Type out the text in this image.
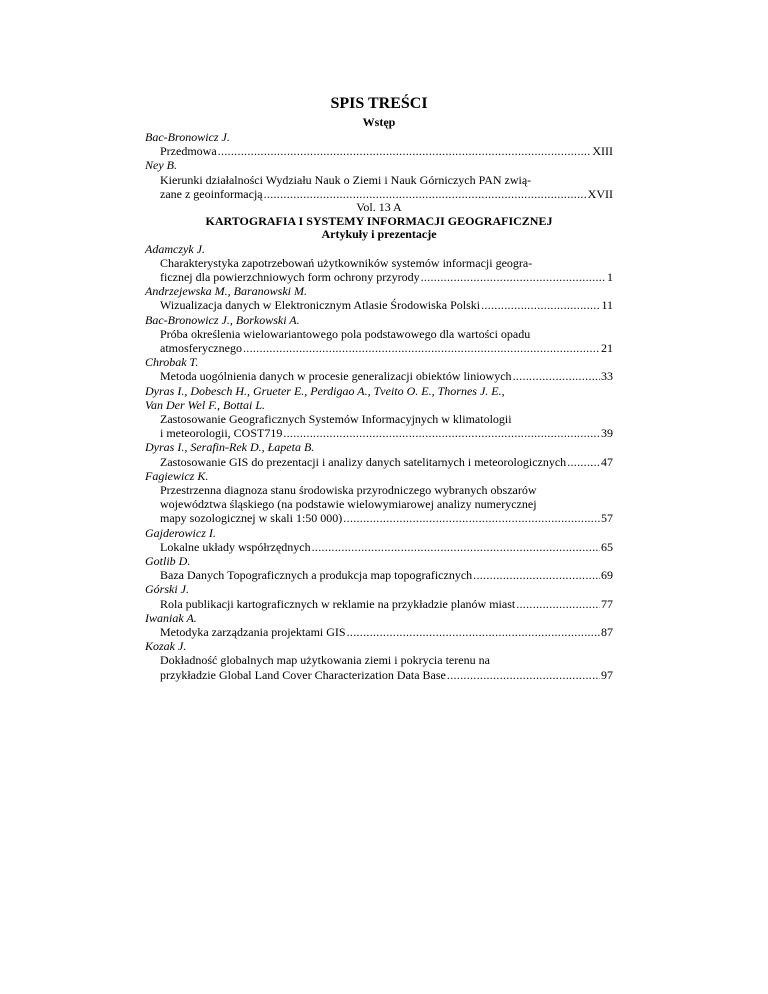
SPIS TREŚCI
Wstęp
Bac-Bronowicz J.
Przedmowa .....	XIII
Ney B.
Kierunki działalności Wydziału Nauk o Ziemi i Nauk Górniczych PAN zwią-
zane z geoinformacją .....	XVII
Vol. 13 A
KARTOGRAFIA I SYSTEMY INFORMACJI GEOGRAFICZNEJ
Artykuły i prezentacje
Adamczyk J.
Charakterystyka zapotrzebowań użytkowników systemów informacji geogra-
ficznej dla powierzchniowych form ochrony przyrody .....	1
Andrzejewska M., Baranowski M.
Wizualizacja danych w Elektronicznym Atlasie Środowiska Polski .....	11
Bac-Bronowicz J., Borkowski A.
Próba określenia wielowariantowego pola podstawowego dla wartości opadu
atmosferycznego .....	21
Chrobak T.
Metoda uogólnienia danych w procesie generalizacji obiektów liniowych .....	33
Dyras I., Dobesch H., Grueter E., Perdigao A., Tveito O. E., Thornes J. E.,
Van Der Wel F., Bottai L.
Zastosowanie Geograficznych Systemów Informacyjnych w klimatologii
i meteorologii, COST719 .....	39
Dyras I., Serafin-Rek D., Łapeta B.
Zastosowanie GIS do prezentacji i analizy danych satelitarnych i meteorologicznych .....	47
Fagiewicz K.
Przestrzenna diagnoza stanu środowiska przyrodniczego wybranych obszarów
województwa śląskiego (na podstawie wielowymiarowej analizy numerycznej
mapy sozologicznej w skali 1:50 000) .....	57
Gajderowicz I.
Lokalne układy współrzędnych .....	65
Gotlib D.
Baza Danych Topograficznych a produkcja map topograficznych .....	69
Górski J.
Rola publikacji kartograficznych w reklamie na przykładzie planów miast .....	77
Iwaniak A.
Metodyka zarządzania projektami GIS .....	87
Kozak J.
Dokładność globalnych map użytkowania ziemi i pokrycia terenu na
przykładzie Global Land Cover Characterization Data Base .....	97
